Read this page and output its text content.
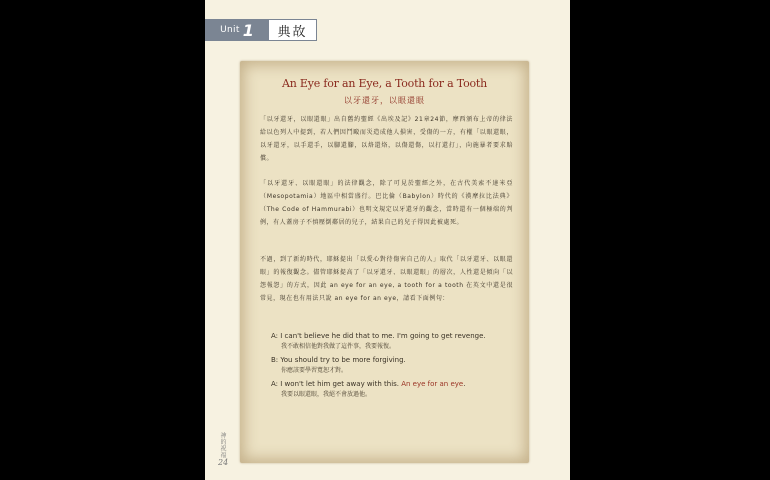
Unit 1	典故
An Eye for an Eye, a Tooth for a Tooth
以牙還牙，以眼還眼

「以牙還牙，以眼還眼」出自舊約聖經《出埃及記》21章24節，摩西頒布上帝的律法給以色列人中提到，若人們因鬥毆而災造成他人損害，受傷的一方，有權「以眼還眼，以牙還牙，以手還手，以腳還腳，以烙還烙，以傷還傷，以打還打」，向施暴者要求賠償。

「以牙還牙、以眼還眼」的法律觀念，除了可見於聖經之外，在古代美索不達米亞（Mesopotamia）地區中相當盛行。巴比倫（Babylon）時代的《漢摩拉比法典》（The Code of Hammurabi）也明文規定以牙還牙的觀念，當時還有一個極端的判例，有人蓋房子不慎壓倒鄰居的兒子，結果自己的兒子得因此被處死。

不過，到了新約時代，耶穌提出「以愛心對待傷害自己的人」取代「以牙還牙、以眼還眼」的報復觀念。儘管耶穌提高了「以牙還牙、以眼還眼」的層次，人性還是傾向「以怨報怨」的方式，因此 an eye for an eye, a tooth for a tooth 在英文中還是很常見，現在也有用法只說 an eye for an eye，請看下面例句：

A: I can't believe he did that to me. I'm going to get revenge.
我不敢相信他對我做了這件事，我要報復。
B: You should try to be more forgiving.
你應該要學習寬恕才對。
A: I won't let him get away with this. An eye for an eye.
我要以眼還眼，我絕不會放過他。
神的祝福
24
